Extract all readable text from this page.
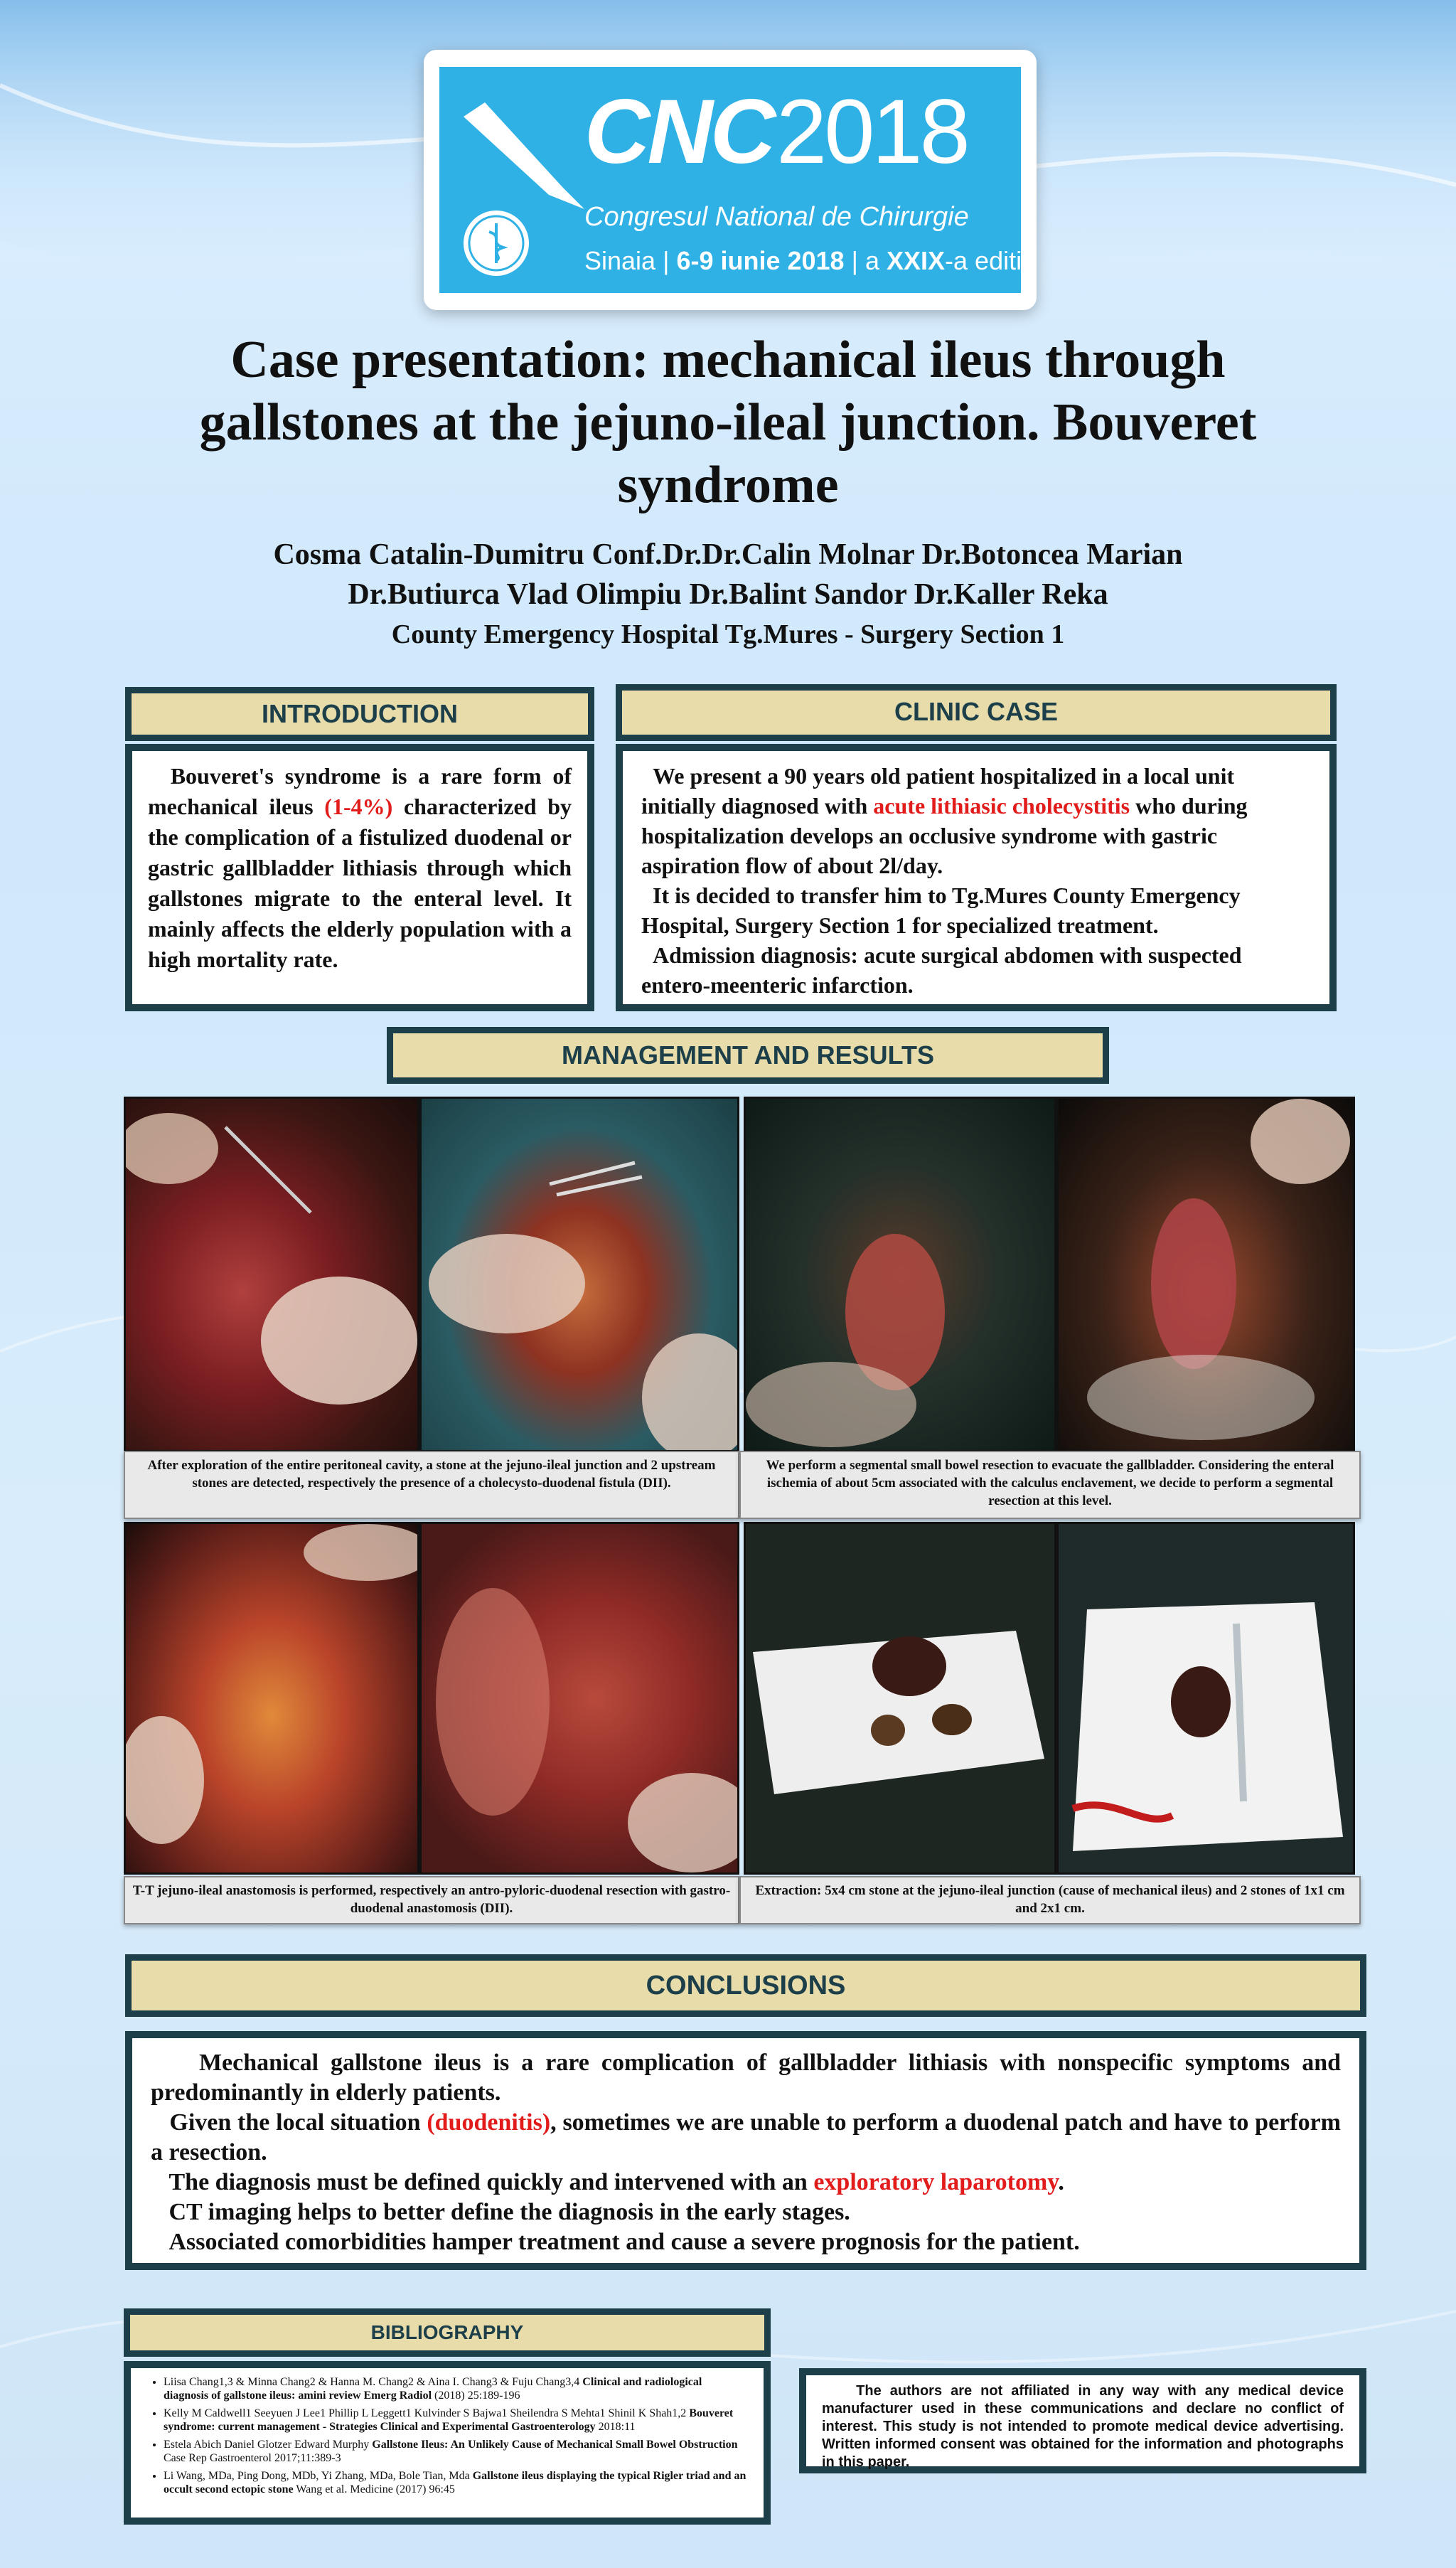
CNC 2018
Congresul National de Chirurgie
Sinaia | 6-9 iunie 2018 | a XXIX-a editie
Case presentation: mechanical ileus through gallstones at the jejuno-ileal junction. Bouveret syndrome
Cosma Catalin-Dumitru Conf.Dr.Dr.Calin Molnar Dr.Botoncea Marian
Dr.Butiurca Vlad Olimpiu Dr.Balint Sandor Dr.Kaller Reka
County Emergency Hospital Tg.Mures - Surgery Section 1
INTRODUCTION
Bouveret's syndrome is a rare form of mechanical ileus (1-4%) characterized by the complication of a fistulized duodenal or gastric gallbladder lithiasis through which gallstones migrate to the enteral level. It mainly affects the elderly population with a high mortality rate.
CLINIC CASE
We present a 90 years old patient hospitalized in a local unit initially diagnosed with acute lithiasic cholecystitis who during hospitalization develops an occlusive syndrome with gastric aspiration flow of about 2l/day.
It is decided to transfer him to Tg.Mures County Emergency Hospital, Surgery Section 1 for specialized treatment.
Admission diagnosis: acute surgical abdomen with suspected entero-meenteric infarction.
MANAGEMENT AND RESULTS
After exploration of the entire peritoneal cavity, a stone at the jejuno-ileal junction and 2 upstream stones are detected, respectively the presence of a cholecysto-duodenal fistula (DII).
We perform a segmental small bowel resection to evacuate the gallbladder. Considering the enteral ischemia of about 5cm associated with the calculus enclavement, we decide to perform a segmental resection at this level.
T-T jejuno-ileal anastomosis is performed, respectively an antro-pyloric-duodenal resection with gastro-duodenal anastomosis (DII).
Extraction: 5x4 cm stone at the jejuno-ileal junction (cause of mechanical ileus) and 2 stones of 1x1 cm and 2x1 cm.
CONCLUSIONS
Mechanical gallstone ileus is a rare complication of gallbladder lithiasis with nonspecific symptoms and predominantly in elderly patients.
Given the local situation (duodenitis), sometimes we are unable to perform a duodenal patch and have to perform a resection.
The diagnosis must be defined quickly and intervened with an exploratory laparotomy.
CT imaging helps to better define the diagnosis in the early stages.
Associated comorbidities hamper treatment and cause a severe prognosis for the patient.
BIBLIOGRAPHY
• Liisa Chang1,3 & Minna Chang2 & Hanna M. Chang2 & Aina I. Chang3 & Fuju Chang3,4 Clinical and radiological diagnosis of gallstone ileus: amini review Emerg Radiol (2018) 25:189-196
• Kelly M Caldwell1 Seeyuen J Lee1 Phillip L Leggett1 Kulvinder S Bajwa1 Sheilendra S Mehta1 Shinil K Shah1,2 Bouveret syndrome: current management - Strategies Clinical and Experimental Gastroenterology 2018:11
• Estela Abich Daniel Glotzer Edward Murphy Gallstone Ileus: An Unlikely Cause of Mechanical Small Bowel Obstruction Case Rep Gastroenterol 2017;11:389-3
• Li Wang, MDa, Ping Dong, MDb, Yi Zhang, MDa, Bole Tian, Mda Gallstone ileus displaying the typical Rigler triad and an occult second ectopic stone Wang et al. Medicine (2017) 96:45
The authors are not affiliated in any way with any medical device manufacturer used in these communications and declare no conflict of interest. This study is not intended to promote medical device advertising. Written informed consent was obtained for the information and photographs in this paper.
